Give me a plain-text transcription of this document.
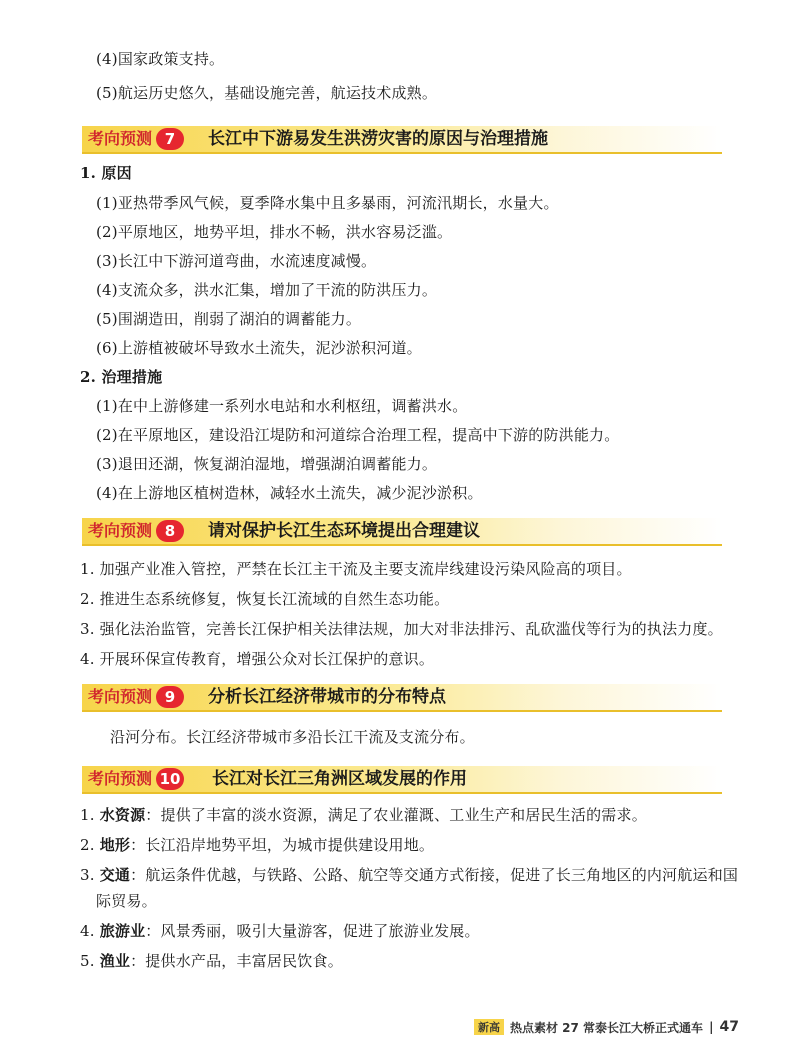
(4)国家政策支持。
(5)航运历史悠久，基础设施完善，航运技术成熟。
考向预测 7	长江中下游易发生洪涝灾害的原因与治理措施
1. 原因
(1)亚热带季风气候，夏季降水集中且多暴雨，河流汛期长，水量大。
(2)平原地区，地势平坦，排水不畅，洪水容易泛滥。
(3)长江中下游河道弯曲，水流速度减慢。
(4)支流众多，洪水汇集，增加了干流的防洪压力。
(5)围湖造田，削弱了湖泊的调蓄能力。
(6)上游植被破坏导致水土流失，泥沙淤积河道。
2. 治理措施
(1)在中上游修建一系列水电站和水利枢纽，调蓄洪水。
(2)在平原地区，建设沿江堤防和河道综合治理工程，提高中下游的防洪能力。
(3)退田还湖，恢复湖泊湿地，增强湖泊调蓄能力。
(4)在上游地区植树造林，减轻水土流失，减少泥沙淤积。
考向预测 8	请对保护长江生态环境提出合理建议
1. 加强产业准入管控，严禁在长江主干流及主要支流岸线建设污染风险高的项目。
2. 推进生态系统修复，恢复长江流域的自然生态功能。
3. 强化法治监管，完善长江保护相关法律法规，加大对非法排污、乱砍滥伐等行为的执法力度。
4. 开展环保宣传教育，增强公众对长江保护的意识。
考向预测 9	分析长江经济带城市的分布特点
沿河分布。长江经济带城市多沿长江干流及支流分布。
考向预测 10 长江对长江三角洲区域发展的作用
1. 水资源：提供了丰富的淡水资源，满足了农业灌溉、工业生产和居民生活的需求。
2. 地形：长江沿岸地势平坦，为城市提供建设用地。
3. 交通：航运条件优越，与铁路、公路、航空等交通方式衔接，促进了长三角地区的内河航运和国
际贸易。
4. 旅游业：风景秀丽，吸引大量游客，促进了旅游业发展。
5. 渔业：提供水产品，丰富居民饮食。
新高 热点素材 27 常泰长江大桥正式通车 | 47
